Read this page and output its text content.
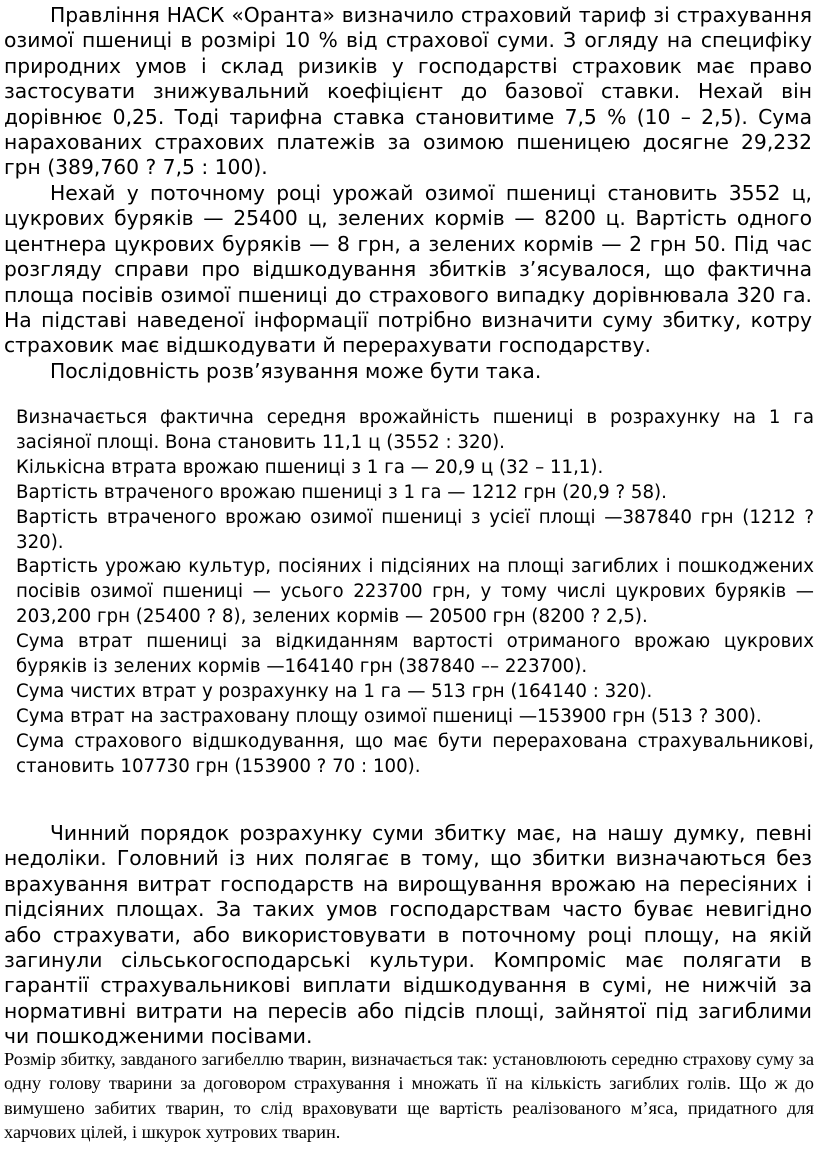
Правління НАСК «Оранта» визначило страховий тариф зі страхування озимої пшениці в розмірі 10 % від страхової суми. З огляду на специфіку природних умов і склад ризиків у господарстві страховик має право застосувати знижувальний коефіцієнт до базової ставки. Нехай він дорівнює 0,25. Тоді тарифна ставка становитиме 7,5 % (10 – 2,5). Сума нарахованих страхових платежів за озимою пшеницею досягне 29,232 грн (389,760 ? 7,5 : 100).

Нехай у поточному році урожай озимої пшениці становить 3552 ц, цукрових буряків — 25400 ц, зелених кормів — 8200 ц. Вартість одного центнера цукрових буряків — 8 грн, а зелених кормів — 2 грн 50. Під час розгляду справи про відшкодування збитків з’ясувалося, що фактична площа посівів озимої пшениці до страхового випадку дорівнювала 320 га. На підставі наведеної інформації потрібно визначити суму збитку, котру страховик має відшкодувати й перерахувати господарству.

Послідовність розв’язування може бути така.

Визначається фактична середня врожайність пшениці в розрахунку на 1 га засіяної площі. Вона становить 11,1 ц (3552 : 320).
Кількісна втрата врожаю пшениці з 1 га — 20,9 ц (32 – 11,1).
Вартість втраченого врожаю пшениці з 1 га — 1212 грн (20,9 ? 58).
Вартість втраченого врожаю озимої пшениці з усієї площі —387840 грн (1212 ? 320).
Вартість урожаю культур, посіяних і підсіяних на площі загиблих і пошкоджених посівів озимої пшениці — усього 223700 грн, у тому числі цукрових буряків — 203,200 грн (25400 ? 8), зелених кормів — 20500 грн (8200 ? 2,5).
Сума втрат пшениці за відкиданням вартості отриманого врожаю цукрових буряків із зелених кормів —164140 грн (387840 –– 223700).
Сума чистих втрат у розрахунку на 1 га — 513 грн (164140 : 320).
Сума втрат на застраховану площу озимої пшениці —153900 грн (513 ? 300).
Сума страхового відшкодування, що має бути перерахована страхувальникові, становить 107730 грн (153900 ? 70 : 100).

Чинний порядок розрахунку суми збитку має, на нашу думку, певні недоліки. Головний із них полягає в тому, що збитки визначаються без врахування витрат господарств на вирощування врожаю на пересіяних і підсіяних площах. За таких умов господарствам часто буває невигідно або страхувати, або використовувати в поточному році площу, на якій загинули сільськогосподарські культури. Компроміс має полягати в гарантії страхувальникові виплати відшкодування в сумі, не нижчій за нормативні витрати на пересів або підсів площі, зайнятої під загиблими чи пошкодженими посівами.

Розмір збитку, завданого загибеллю тварин, визначається так: установлюють середню страхову суму за одну голову тварини за договором страхування і множать її на кількість загиблих голів. Що ж до вимушено забитих тварин, то слід враховувати ще вартість реалізованого м’яса, придатного для харчових цілей, і шкурок хутрових тварин.
